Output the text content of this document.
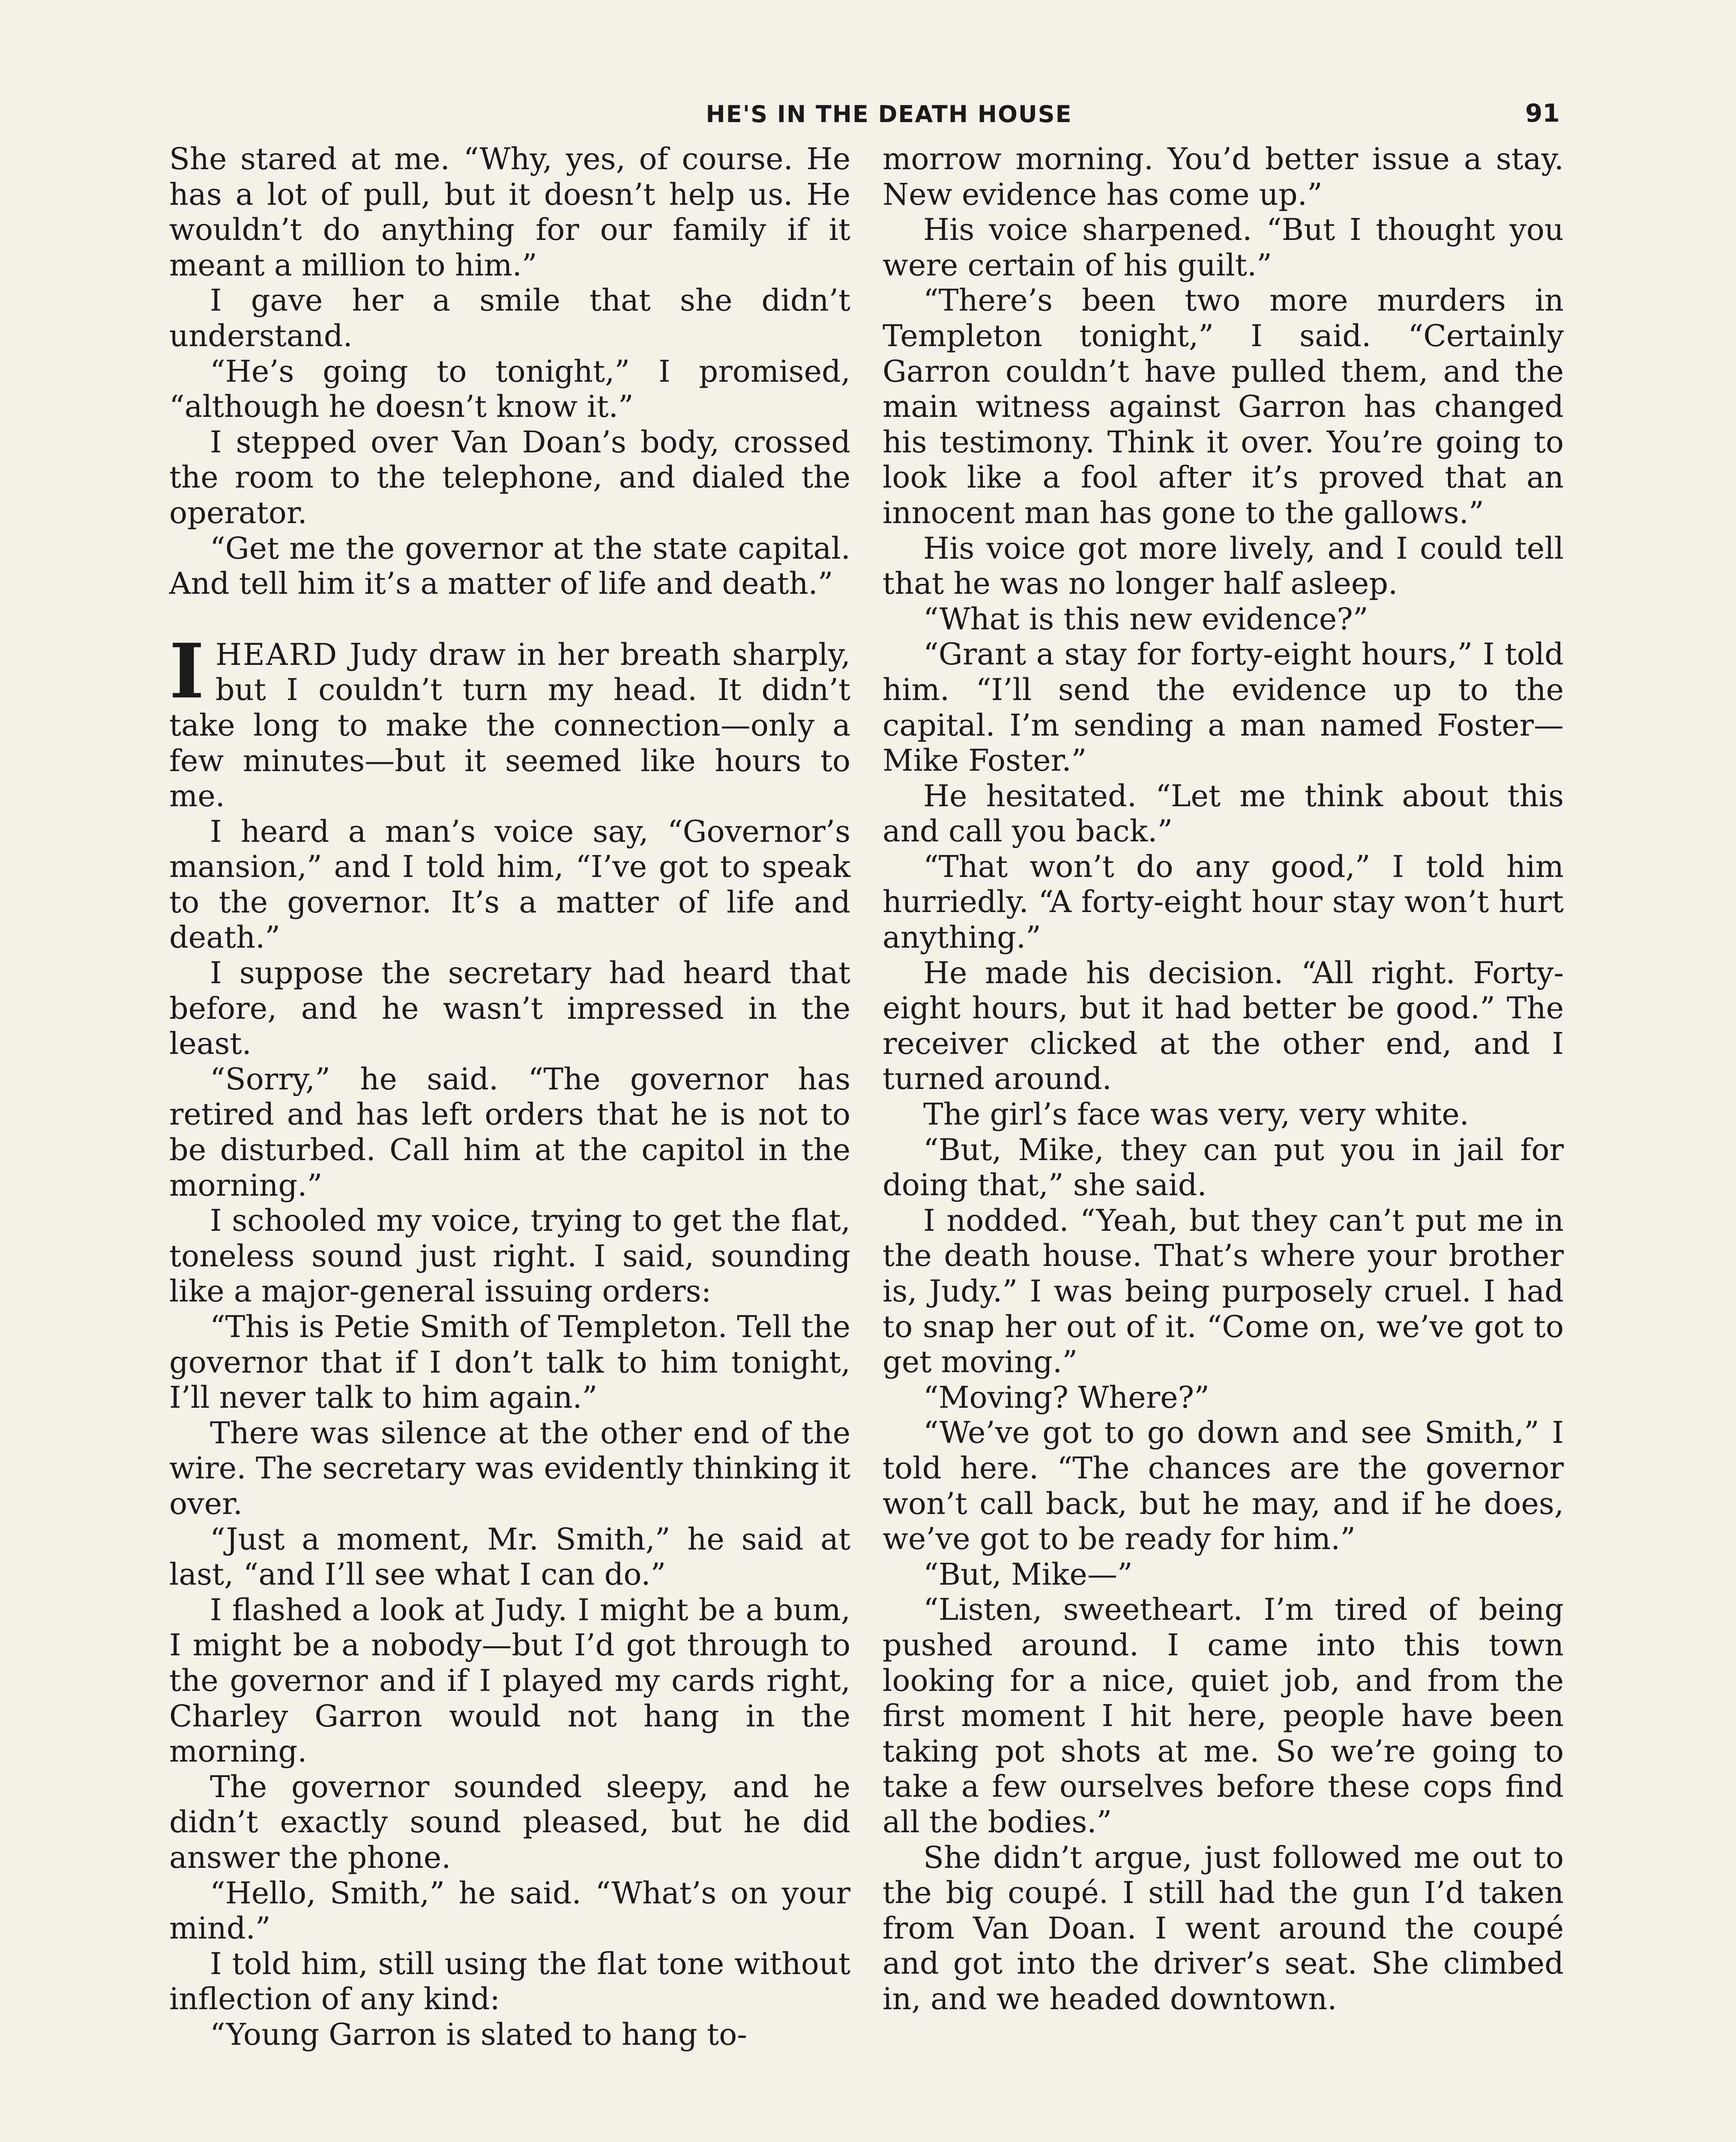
HE'S IN THE DEATH HOUSE	91

She stared at me. “Why, yes, of course. He has a lot of pull, but it doesn’t help us. He wouldn’t do anything for our family if it meant a million to him.”

I gave her a smile that she didn’t understand.

“He’s going to tonight,” I promised, “although he doesn’t know it.”

I stepped over Van Doan’s body, crossed the room to the telephone, and dialed the operator.

“Get me the governor at the state capital. And tell him it’s a matter of life and death.”

IHEARD Judy draw in her breath sharply, but I couldn’t turn my head. It didn’t take long to make the connection—only a few minutes—but it seemed like hours to me.

I heard a man’s voice say, “Governor’s mansion,” and I told him, “I’ve got to speak to the governor. It’s a matter of life and death.”

I suppose the secretary had heard that before, and he wasn’t impressed in the least.

“Sorry,” he said. “The governor has retired and has left orders that he is not to be disturbed. Call him at the capitol in the morning.”

I schooled my voice, trying to get the flat, toneless sound just right. I said, sounding like a major-general issuing orders:

“This is Petie Smith of Templeton. Tell the governor that if I don’t talk to him tonight, I’ll never talk to him again.”

There was silence at the other end of the wire. The secretary was evidently thinking it over.

“Just a moment, Mr. Smith,” he said at last, “and I’ll see what I can do.”

I flashed a look at Judy. I might be a bum, I might be a nobody—but I’d got through to the governor and if I played my cards right, Charley Garron would not hang in the morning.

The governor sounded sleepy, and he didn’t exactly sound pleased, but he did answer the phone.

“Hello, Smith,” he said. “What’s on your mind.”

I told him, still using the flat tone without inflection of any kind:

“Young Garron is slated to hang to-

morrow morning. You’d better issue a stay. New evidence has come up.”

His voice sharpened. “But I thought you were certain of his guilt.”

“There’s been two more murders in Templeton tonight,” I said. “Certainly Garron couldn’t have pulled them, and the main witness against Garron has changed his testimony. Think it over. You’re going to look like a fool after it’s proved that an innocent man has gone to the gallows.”

His voice got more lively, and I could tell that he was no longer half asleep.

“What is this new evidence?”

“Grant a stay for forty-eight hours,” I told him. “I’ll send the evidence up to the capital. I’m sending a man named Foster—Mike Foster.”

He hesitated. “Let me think about this and call you back.”

“That won’t do any good,” I told him hurriedly. “A forty-eight hour stay won’t hurt anything.”

He made his decision. “All right. Forty-eight hours, but it had better be good.” The receiver clicked at the other end, and I turned around.

The girl’s face was very, very white.

“But, Mike, they can put you in jail for doing that,” she said.

I nodded. “Yeah, but they can’t put me in the death house. That’s where your brother is, Judy.” I was being purposely cruel. I had to snap her out of it. “Come on, we’ve got to get moving.”

“Moving? Where?”

“We’ve got to go down and see Smith,” I told here. “The chances are the governor won’t call back, but he may, and if he does, we’ve got to be ready for him.”

“But, Mike—”

“Listen, sweetheart. I’m tired of being pushed around. I came into this town looking for a nice, quiet job, and from the first moment I hit here, people have been taking pot shots at me. So we’re going to take a few ourselves before these cops find all the bodies.”

She didn’t argue, just followed me out to the big coupé. I still had the gun I’d taken from Van Doan. I went around the coupé and got into the driver’s seat. She climbed in, and we headed downtown.
